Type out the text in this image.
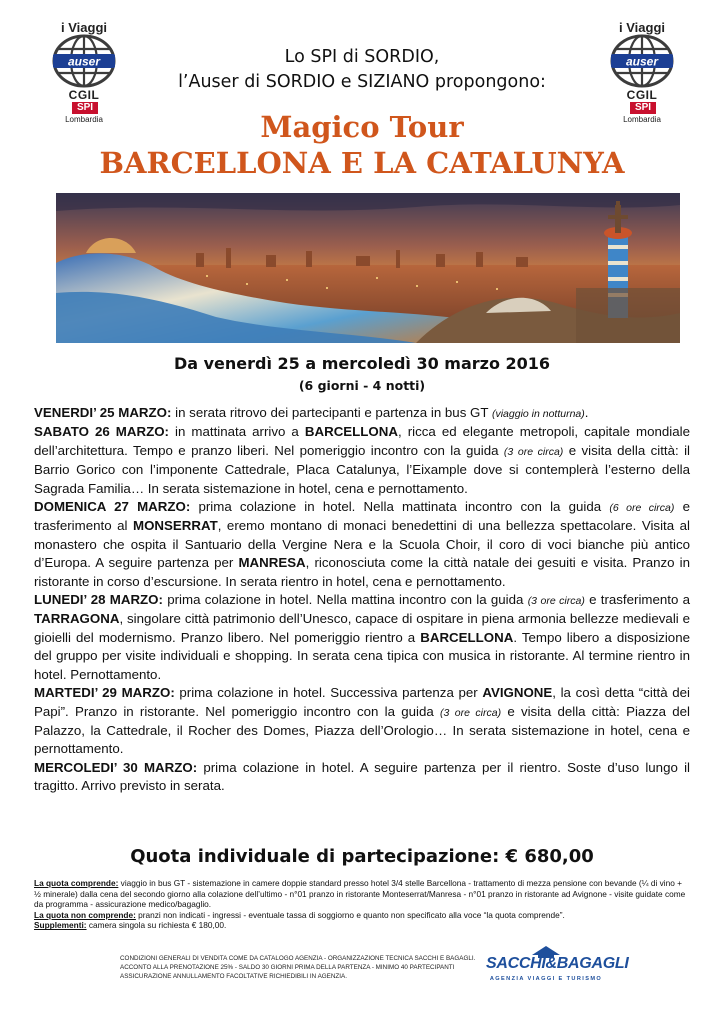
i Viaggi
auser
CGIL
SPI
Lombardia
i Viaggi
auser
CGIL
SPI
Lombardia
Lo SPI di SORDIO,
l’Auser di SORDIO e SIZIANO propongono:
Magico Tour
BARCELLONA E LA CATALUNYA
Da venerdì 25 a mercoledì 30 marzo 2016
(6 giorni - 4 notti)

VENERDI’ 25 MARZO: in serata ritrovo dei partecipanti e partenza in bus GT (viaggio in notturna).

SABATO 26 MARZO: in mattinata arrivo a BARCELLONA, ricca ed elegante metropoli, capitale mondiale dell’architettura. Tempo e pranzo liberi. Nel pomeriggio incontro con la guida (3 ore circa) e visita della città: il Barrio Gorico con l’imponente Cattedrale, Placa Catalunya, l’Eixample dove si contemplerà l’esterno della Sagrada Familia… In serata sistemazione in hotel, cena e pernottamento.

DOMENICA 27 MARZO: prima colazione in hotel. Nella mattinata incontro con la guida (6 ore circa) e trasferimento al MONSERRAT, eremo montano di monaci benedettini di una bellezza spettacolare. Visita al monastero che ospita il Santuario della Vergine Nera e la Scuola Choir, il coro di voci bianche più antico d’Europa. A seguire partenza per MANRESA, riconosciuta come la città natale dei gesuiti e visita. Pranzo in ristorante in corso d’escursione. In serata rientro in hotel, cena e pernottamento.

LUNEDI’ 28 MARZO: prima colazione in hotel. Nella mattina incontro con la guida (3 ore circa) e trasferimento a TARRAGONA, singolare città patrimonio dell’Unesco, capace di ospitare in piena armonia bellezze medievali e gioielli del modernismo. Pranzo libero. Nel pomeriggio rientro a BARCELLONA. Tempo libero a disposizione del gruppo per visite individuali e shopping. In serata cena tipica con musica in ristorante. Al termine rientro in hotel. Pernottamento.

MARTEDI’ 29 MARZO: prima colazione in hotel. Successiva partenza per AVIGNONE, la così detta “città dei Papi”. Pranzo in ristorante. Nel pomeriggio incontro con la guida (3 ore circa) e visita della città: Piazza del Palazzo, la Cattedrale, il Rocher des Domes, Piazza dell’Orologio… In serata sistemazione in hotel, cena e pernottamento.

MERCOLEDI’ 30 MARZO: prima colazione in hotel. A seguire partenza per il rientro. Soste d’uso lungo il tragitto. Arrivo previsto in serata.

Quota individuale di partecipazione: € 680,00

La quota comprende: viaggio in bus GT - sistemazione in camere doppie standard presso hotel 3/4 stelle Barcellona - trattamento di mezza pensione con bevande (¼ di vino + ½ minerale) dalla cena del secondo giorno alla colazione dell’ultimo - n°01 pranzo in ristorante Monteserrat/Manresa - n°01 pranzo in ristorante ad Avignone - visite guidate come da programma - assicurazione medico/bagaglio.

La quota non comprende: pranzi non indicati - ingressi - eventuale tassa di soggiorno e quanto non specificato alla voce “la quota comprende”.

Supplementi: camera singola su richiesta € 180,00.

CONDIZIONI GENERALI DI VENDITA COME DA CATALOGO AGENZIA - ORGANIZZAZIONE TECNICA SACCHI E BAGAGLI.
ACCONTO ALLA PRENOTAZIONE 25% - SALDO 30 GIORNI PRIMA DELLA PARTENZA - MINIMO 40 PARTECIPANTI
ASSICURAZIONE ANNULLAMENTO FACOLTATIVE RICHIEDIBILI IN AGENZIA.
SACCHI&BAGAGLI
AGENZIA VIAGGI E TURISMO
